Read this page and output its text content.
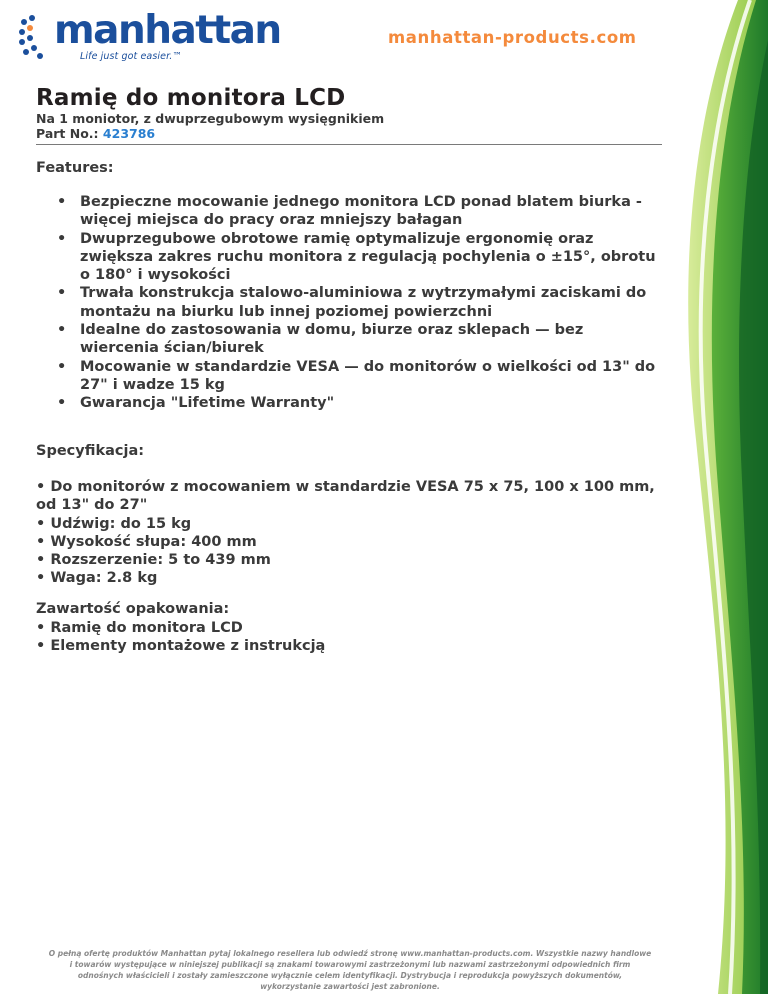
manhattan
Life just got easier.™
manhattan-products.com
Ramię do monitora LCD
Na 1 moniotor, z dwuprzegubowym wysięgnikiem
Part No.: 423786
Features:
• Bezpieczne mocowanie jednego monitora LCD ponad blatem biurka - więcej miejsca do pracy oraz mniejszy bałagan
• Dwuprzegubowe obrotowe ramię optymalizuje ergonomię oraz zwiększa zakres ruchu monitora z regulacją pochylenia o ±15°, obrotu o 180° i wysokości
• Trwała konstrukcja stalowo-aluminiowa z wytrzymałymi zaciskami do montażu na biurku lub innej poziomej powierzchni
• Idealne do zastosowania w domu, biurze oraz sklepach — bez wiercenia ścian/biurek
• Mocowanie w standardzie VESA — do monitorów o wielkości od 13" do 27" i wadze 15 kg
• Gwarancja "Lifetime Warranty"
Specyfikacja:
• Do monitorów z mocowaniem w standardzie VESA 75 x 75, 100 x 100 mm, od 13" do 27"
• Udźwig: do 15 kg
• Wysokość słupa: 400 mm
• Rozszerzenie: 5 to 439 mm
• Waga: 2.8 kg
Zawartość opakowania:
• Ramię do monitora LCD
• Elementy montażowe z instrukcją
O pełną ofertę produktów Manhattan pytaj lokalnego resellera lub odwiedź stronę www.manhattan-products.com. Wszystkie nazwy handlowe
i towarów występujące w niniejszej publikacji są znakami towarowymi zastrzeżonymi lub nazwami zastrzeżonymi odpowiednich firm
odnośnych właścicieli i zostały zamieszczone wyłącznie celem identyfikacji. Dystrybucja i reprodukcja powyższych dokumentów,
wykorzystanie zawartości jest zabronione.
